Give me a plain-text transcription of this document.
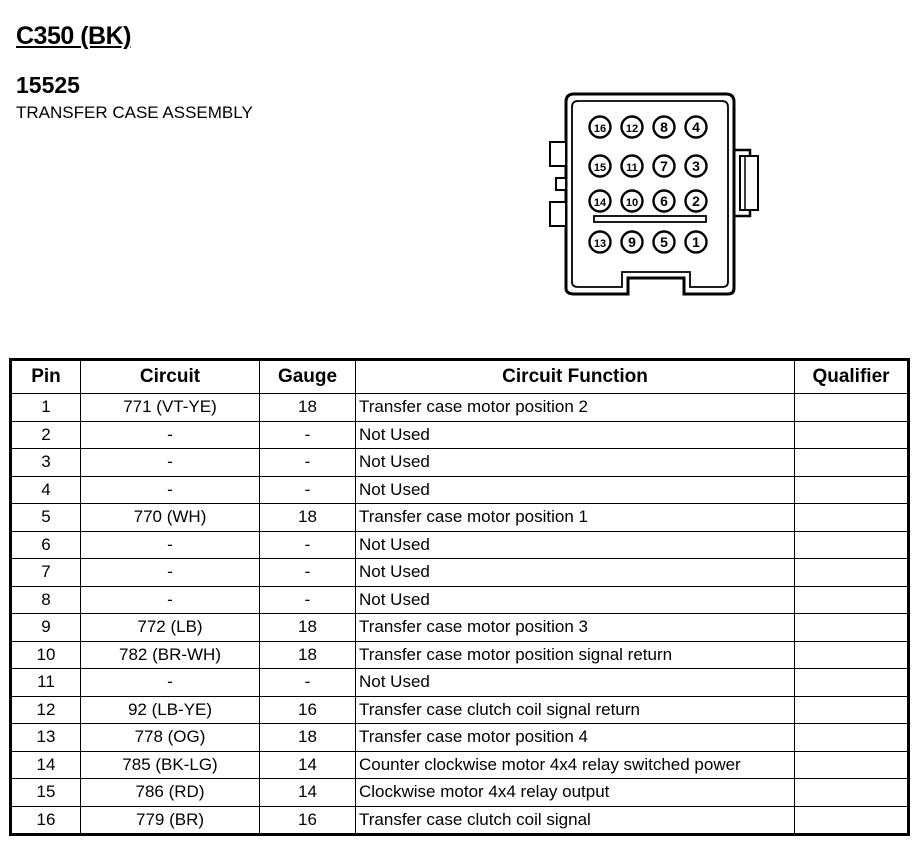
C350 (BK)
15525
TRANSFER CASE ASSEMBLY
16 12 8 4
15 11 7 3
14 10 6 2
13 9 5 1
Pin	Circuit	Gauge	Circuit Function	Qualifier
1	771 (VT-YE)	18	Transfer case motor position 2	
2	-	-	Not Used	
3	-	-	Not Used	
4	-	-	Not Used	
5	770 (WH)	18	Transfer case motor position 1	
6	-	-	Not Used	
7	-	-	Not Used	
8	-	-	Not Used	
9	772 (LB)	18	Transfer case motor position 3	
10	782 (BR-WH)	18	Transfer case motor position signal return	
11	-	-	Not Used	
12	92 (LB-YE)	16	Transfer case clutch coil signal return	
13	778 (OG)	18	Transfer case motor position 4	
14	785 (BK-LG)	14	Counter clockwise motor 4x4 relay switched power	
15	786 (RD)	14	Clockwise motor 4x4 relay output	
16	779 (BR)	16	Transfer case clutch coil signal	
